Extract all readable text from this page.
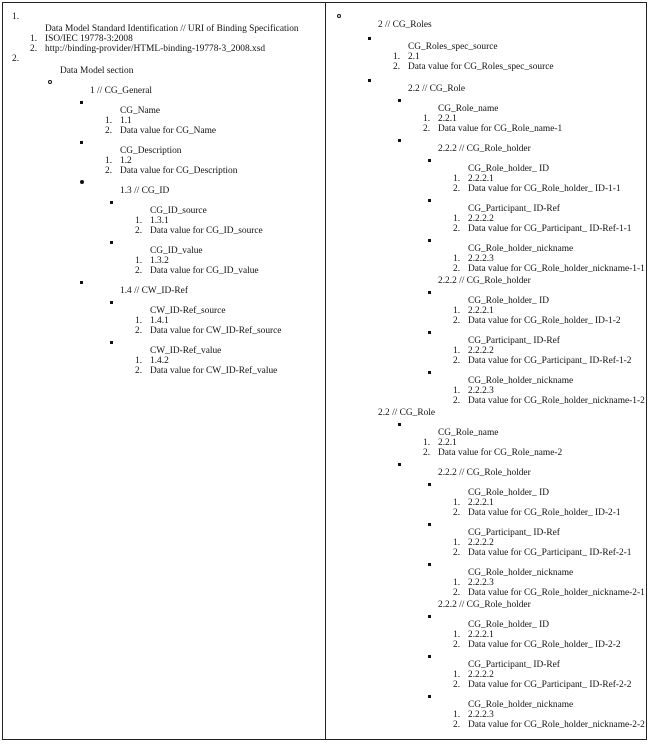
1.
Data Model Standard Identification // URI of Binding Specification
1. ISO/IEC 19778-3:2008
2. http://binding-provider/HTML-binding-19778-3_2008.xsd
2.
Data Model section
1 // CG_General
CG_Name
1. 1.1
2. Data value for CG_Name
CG_Description
1. 1.2
2. Data value for CG_Description
1.3 // CG_ID
CG_ID_source
1. 1.3.1
2. Data value for CG_ID_source
CG_ID_value
1. 1.3.2
2. Data value for CG_ID_value
1.4 // CW_ID-Ref
CW_ID-Ref_source
1. 1.4.1
2. Data value for CW_ID-Ref_source
CW_ID-Ref_value
1. 1.4.2
2. Data value for CW_ID-Ref_value
2 // CG_Roles
CG_Roles_spec_source
1. 2.1
2. Data value for CG_Roles_spec_source
2.2 // CG_Role
CG_Role_name
1. 2.2.1
2. Data value for CG_Role_name-1
2.2.2 // CG_Role_holder
CG_Role_holder_ ID
1. 2.2.2.1
2. Data value for CG_Role_holder_ ID-1-1
CG_Participant_ ID-Ref
1. 2.2.2.2
2. Data value for CG_Participant_ ID-Ref-1-1
CG_Role_holder_nickname
1. 2.2.2.3
2. Data value for CG_Role_holder_nickname-1-1
2.2.2 // CG_Role_holder
CG_Role_holder_ ID
1. 2.2.2.1
2. Data value for CG_Role_holder_ ID-1-2
CG_Participant_ ID-Ref
1. 2.2.2.2
2. Data value for CG_Participant_ ID-Ref-1-2
CG_Role_holder_nickname
1. 2.2.2.3
2. Data value for CG_Role_holder_nickname-1-2
2.2 // CG_Role
CG_Role_name
1. 2.2.1
2. Data value for CG_Role_name-2
2.2.2 // CG_Role_holder
CG_Role_holder_ ID
1. 2.2.2.1
2. Data value for CG_Role_holder_ ID-2-1
CG_Participant_ ID-Ref
1. 2.2.2.2
2. Data value for CG_Participant_ ID-Ref-2-1
CG_Role_holder_nickname
1. 2.2.2.3
2. Data value for CG_Role_holder_nickname-2-1
2.2.2 // CG_Role_holder
CG_Role_holder_ ID
1. 2.2.2.1
2. Data value for CG_Role_holder_ ID-2-2
CG_Participant_ ID-Ref
1. 2.2.2.2
2. Data value for CG_Participant_ ID-Ref-2-2
CG_Role_holder_nickname
1. 2.2.2.3
2. Data value for CG_Role_holder_nickname-2-2
